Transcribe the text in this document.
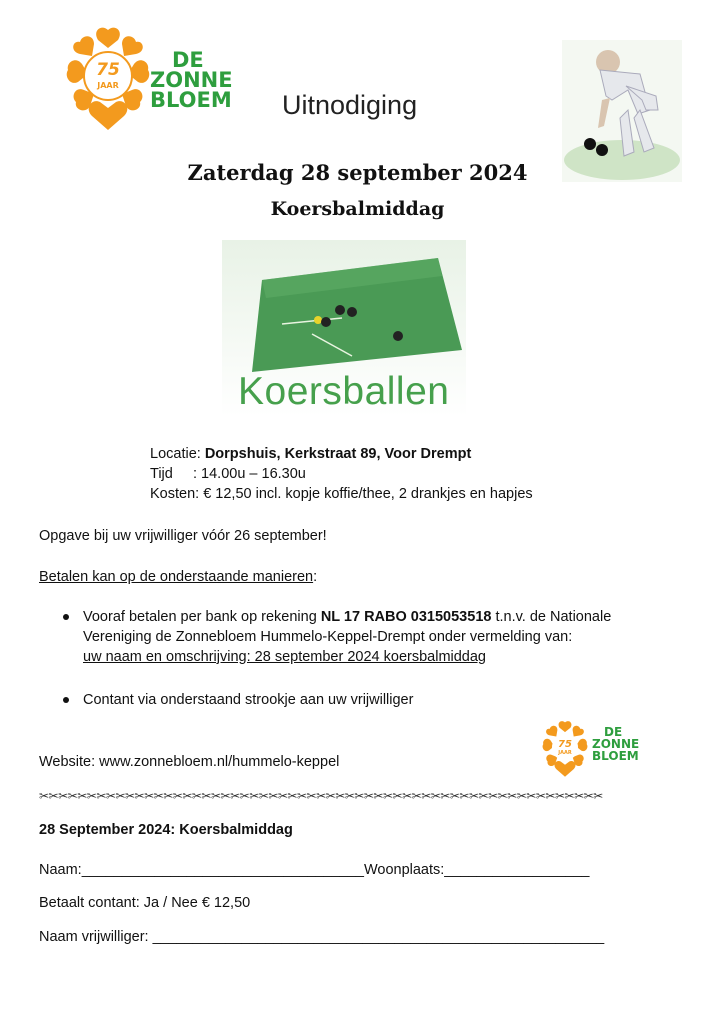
75
JAAR
DE
ZONNE
BLOEM Uitnodiging
Zaterdag 28 september 2024
Koersbalmiddag
Koersballen
Locatie: Dorpshuis, Kerkstraat 89, Voor Drempt
Tijd     : 14.00u – 16.30u
Kosten: € 12,50 incl. kopje koffie/thee, 2 drankjes en hapjes
Opgave bij uw vrijwilliger vóór 26 september!
Betalen kan op de onderstaande manieren:
Vooraf betalen per bank op rekening NL 17 RABO 0315053518 t.n.v. de Nationale
Vereniging de Zonnebloem Hummelo-Keppel-Drempt onder vermelding van:
uw naam en omschrijving: 28 september 2024 koersbalmiddag
Contant via onderstaand strookje aan uw vrijwilliger
Website: www.zonnebloem.nl/hummelo-keppel
75
JAAR
DE
ZONNE
BLOEM
✂✂✂✂✂✂✂✂✂✂✂✂✂✂✂✂✂✂✂✂✂✂✂✂✂✂✂✂✂✂✂✂✂✂✂✂✂✂✂✂✂✂✂✂✂✂✂✂✂✂✂✂✂✂✂✂✂✂✂
28 September 2024: Koersbalmiddag
Naam:___________________________________Woonplaats:__________________
Betaalt contant: Ja / Nee € 12,50
Naam vrijwilliger: ________________________________________________________
